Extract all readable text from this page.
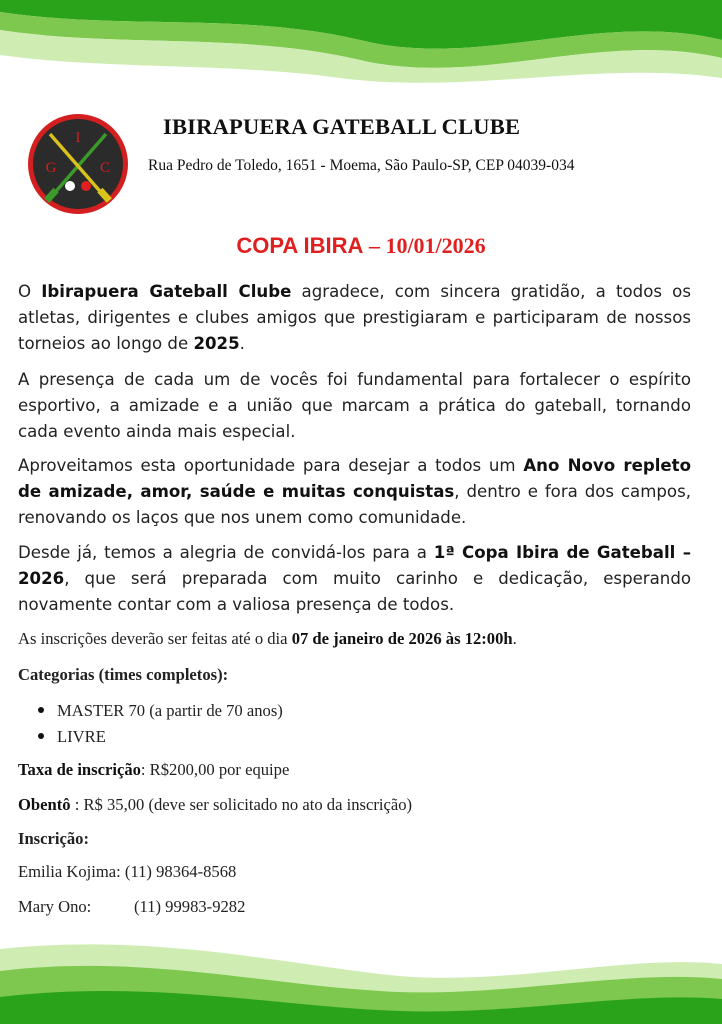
I
G	C
IBIRAPUERA GATEBALL CLUBE
Rua Pedro de Toledo, 1651 - Moema, São Paulo-SP, CEP 04039-034
COPA IBIRA – 10/01/2026

O Ibirapuera Gateball Clube agradece, com sincera gratidão, a todos os atletas, dirigentes e clubes amigos que prestigiaram e participaram de nossos torneios ao longo de 2025.

A presença de cada um de vocês foi fundamental para fortalecer o espírito esportivo, a amizade e a união que marcam a prática do gateball, tornando cada evento ainda mais especial.

Aproveitamos esta oportunidade para desejar a todos um Ano Novo repleto de amizade, amor, saúde e muitas conquistas, dentro e fora dos campos, renovando os laços que nos unem como comunidade.

Desde já, temos a alegria de convidá-los para a 1ª Copa Ibira de Gateball – 2026, que será preparada com muito carinho e dedicação, esperando novamente contar com a valiosa presença de todos.

As inscrições deverão ser feitas até o dia 07 de janeiro de 2026 às 12:00h.

Categorias (times completos):

MASTER 70 (a partir de 70 anos)
LIVRE

Taxa de inscrição: R$200,00 por equipe

Obentô : R$ 35,00 (deve ser solicitado no ato da inscrição)

Inscrição:

Emilia Kojima: (11) 98364-8568

Mary Ono:	(11) 99983-9282
